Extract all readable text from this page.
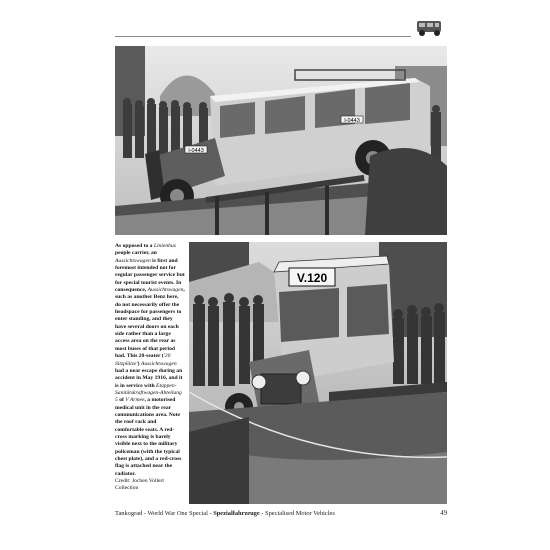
I-0443
I-0443
As opposed to a Linienbus people carrier, an Aussichtswagen is first and foremost intended not for regular passenger service but for special tourist events. In consequence, Aussichtswagen, such as another Benz here, do not necessarily offer the headspace for passengers to enter standing, and they have several doors on each side rather than a large access area on the rear as most buses of that period had. This 20-seater ('20 Sitzplätze') Aussichtswagen had a near escape during an accident in May 1916, and it is in service with Etappen-Sanitätskraftwagen-Abteilung 5 of V Armee, a motorised medical unit in the rear communications area. Note the roof rack and comfortable seats. A red-cross marking is barely visible next to the military policeman (with the typical chest plate), and a red-cross flag is attached near the radiator.
Credit: Jochen Vollert Collection
V.120
Tankograd - World War One Special - Spezialfahrzeuge - Specialised Motor Vehicles	49
